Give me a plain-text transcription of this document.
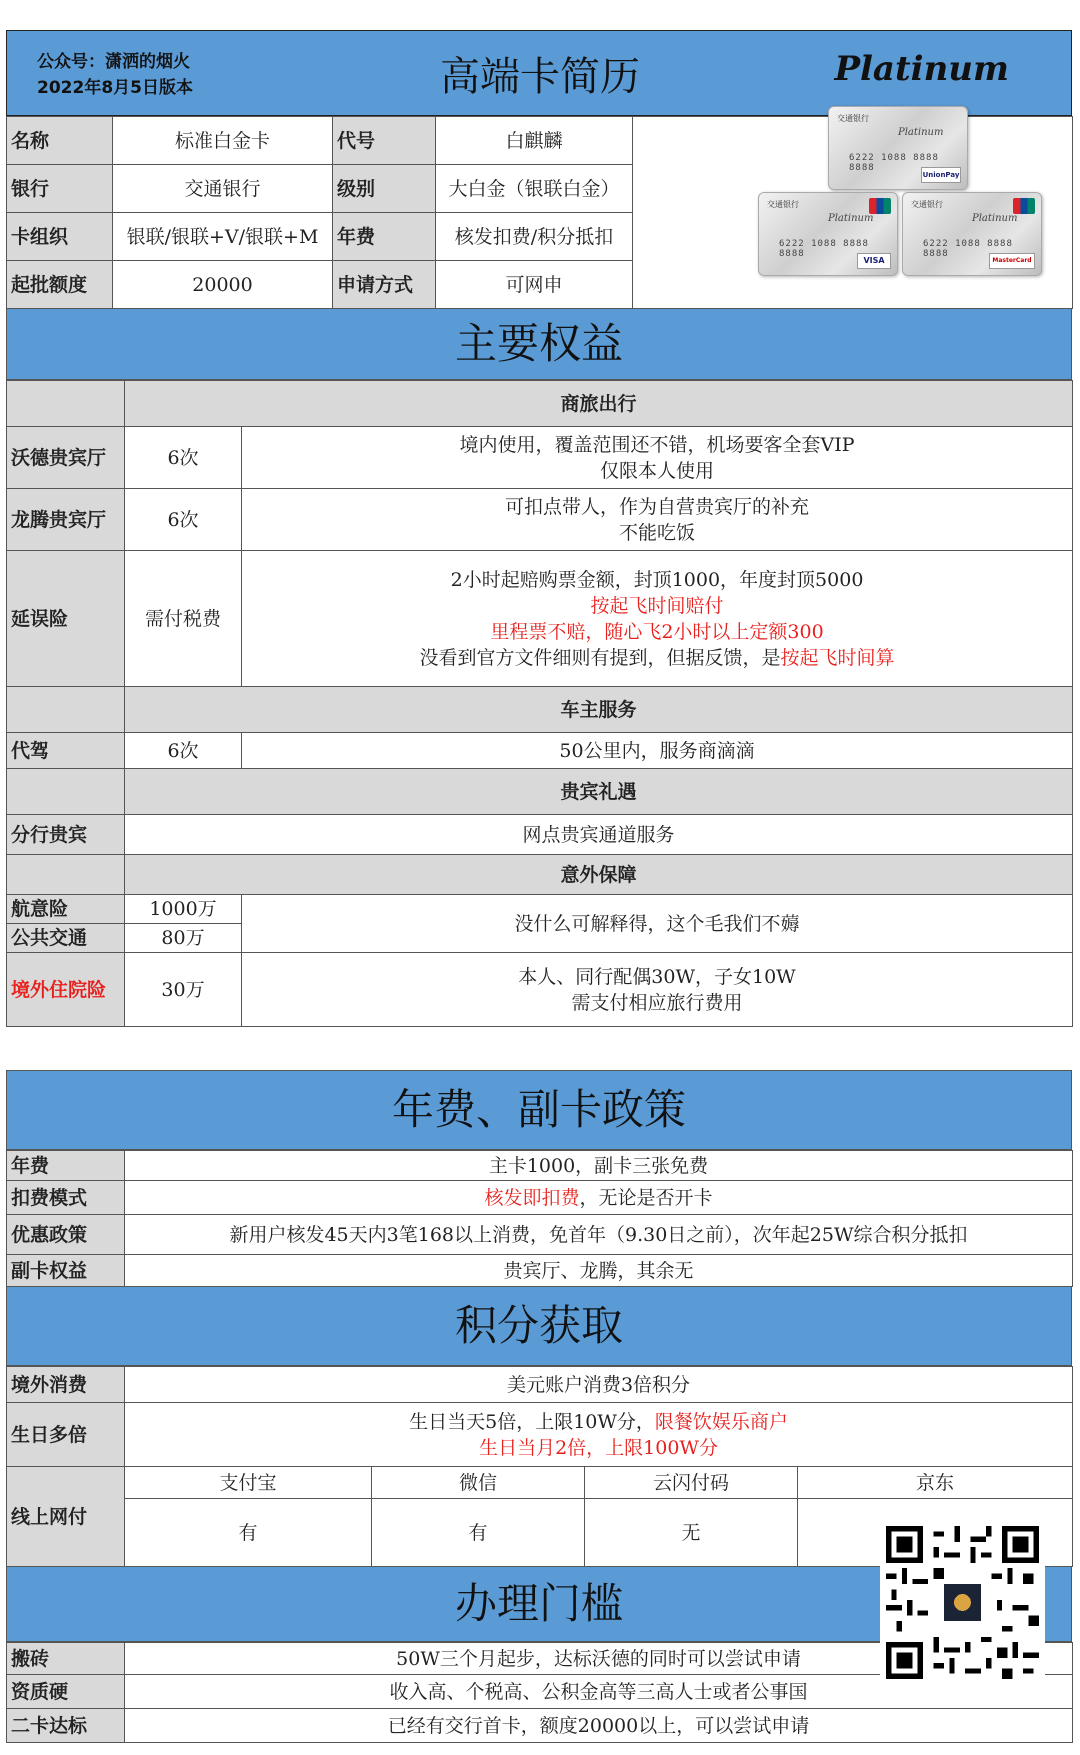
公众号：潇洒的烟火
2022年8月5日版本	高端卡简历	Platinum
名称	标准白金卡	代号	白麒麟	
银行	交通银行	级别	大白金（银联白金）	
卡组织	银联/银联+V/银联+M	年费	核发扣费/积分抵扣	
起批额度	20000	申请方式	可网申	
交通银行
Platinum
6222 1088 8888 8888
UnionPay
交通银行
Platinum
6222 1088 8888 8888
VISA
交通银行
Platinum
6222 1088 8888 8888
MasterCard
主要权益
	商旅出行	
沃德贵宾厅	6次	境内使用，覆盖范围还不错，机场要客全套VIP
仅限本人使用

龙腾贵宾厅	6次	可扣点带人，作为自营贵宾厅的补充
不能吃饭

延误险	需付税费	2小时起赔购票金额，封顶1000，年度封顶5000
按起飞时间赔付
里程票不赔，随心飞2小时以上定额300
没看到官方文件细则有提到，但据反馈，是按起飞时间算

	车主服务	
代驾	6次	50公里内，服务商滴滴
	贵宾礼遇	
分行贵宾	网点贵宾通道服务	
	意外保障	
航意险	1000万	没什么可解释得，这个毛我们不薅
公共交通	80万	
境外住院险	30万	本人、同行配偶30W，子女10W
需支付相应旅行费用
年费、副卡政策
年费	主卡1000，副卡三张免费
扣费模式	核发即扣费，无论是否开卡
优惠政策	新用户核发45天内3笔168以上消费，免首年（9.30日之前），次年起25W综合积分抵扣
副卡权益	贵宾厅、龙腾，其余无
积分获取
境外消费	美元账户消费3倍积分			
生日多倍	生日当天5倍，上限10W分，限餐饮娱乐商户
生日当月2倍，上限100W分			

线上网付	支付宝	微信	云闪付码	京东
	有	有	无	
办理门槛
搬砖	50W三个月起步，达标沃德的同时可以尝试申请
资质硬	收入高、个税高、公积金高等三高人士或者公事国
二卡达标	已经有交行首卡，额度20000以上，可以尝试申请
